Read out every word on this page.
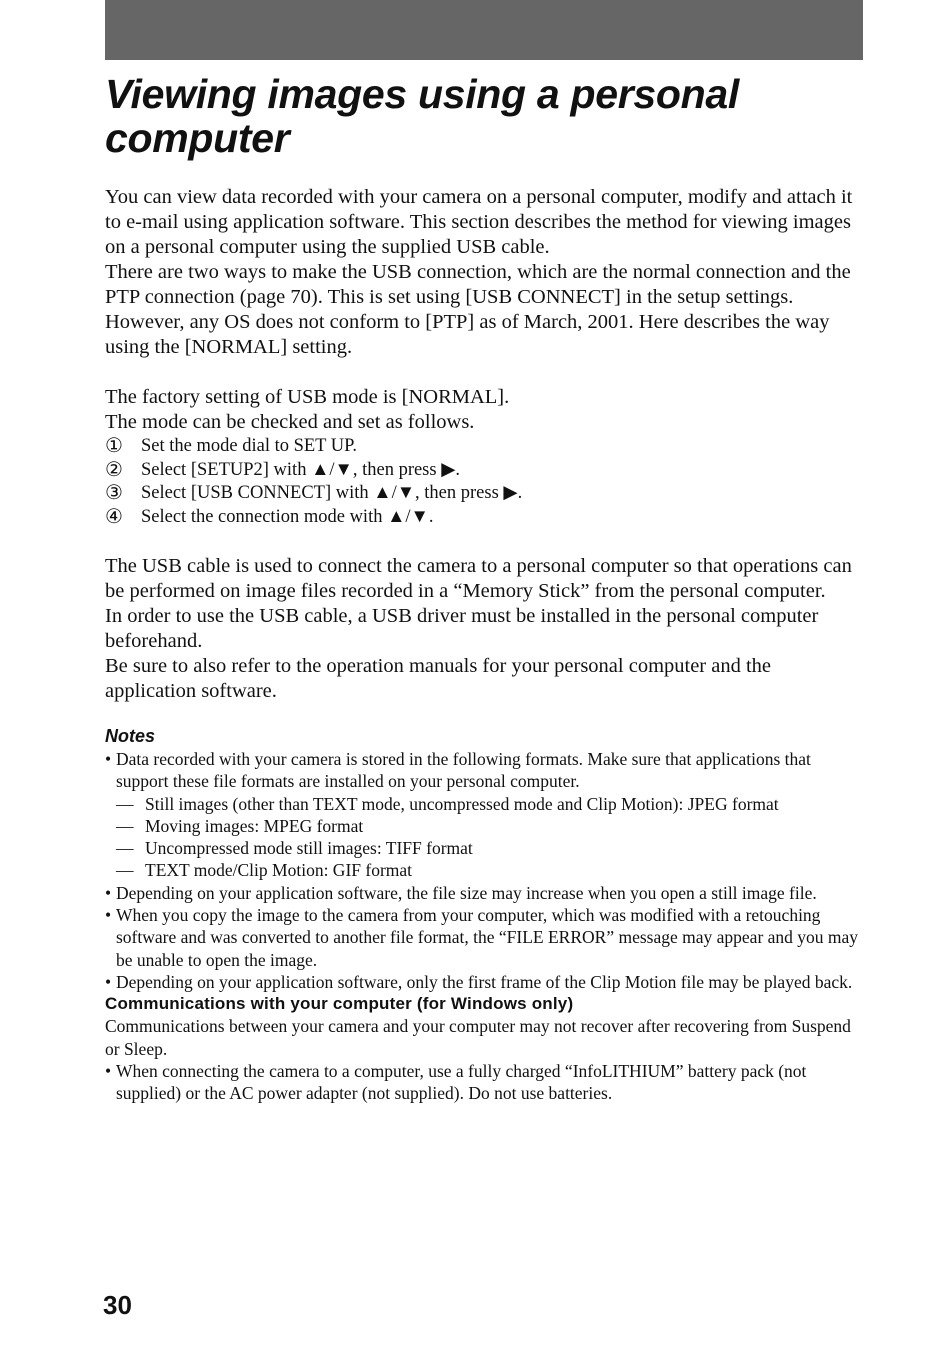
Viewing images using a personal computer

You can view data recorded with your camera on a personal computer, modify and attach it to e-mail using application software. This section describes the method for viewing images on a personal computer using the supplied USB cable.

There are two ways to make the USB connection, which are the normal connection and the PTP connection (page 70). This is set using [USB CONNECT] in the setup settings. However, any OS does not conform to [PTP] as of March, 2001. Here describes the way using the [NORMAL] setting.

The factory setting of USB mode is [NORMAL].

The mode can be checked and set as follows.

① Set the mode dial to SET UP.
② Select [SETUP2] with ▲/▼, then press ▶.
③ Select [USB CONNECT] with ▲/▼, then press ▶.
④ Select the connection mode with ▲/▼.

The USB cable is used to connect the camera to a personal computer so that operations can be performed on image files recorded in a “Memory Stick” from the personal computer.

In order to use the USB cable, a USB driver must be installed in the personal computer beforehand.

Be sure to also refer to the operation manuals for your personal computer and the application software.

Notes
• Data recorded with your camera is stored in the following formats. Make sure that applications that support these file formats are installed on your personal computer.
— Still images (other than TEXT mode, uncompressed mode and Clip Motion): JPEG format
— Moving images: MPEG format
— Uncompressed mode still images: TIFF format
— TEXT mode/Clip Motion: GIF format
• Depending on your application software, the file size may increase when you open a still image file.
• When you copy the image to the camera from your computer, which was modified with a retouching software and was converted to another file format, the “FILE ERROR” message may appear and you may be unable to open the image.
• Depending on your application software, only the first frame of the Clip Motion file may be played back.
Communications with your computer (for Windows only)

Communications between your camera and your computer may not recover after recovering from Suspend or Sleep.

• When connecting the camera to a computer, use a fully charged “InfoLITHIUM” battery pack (not supplied) or the AC power adapter (not supplied). Do not use batteries.
30
